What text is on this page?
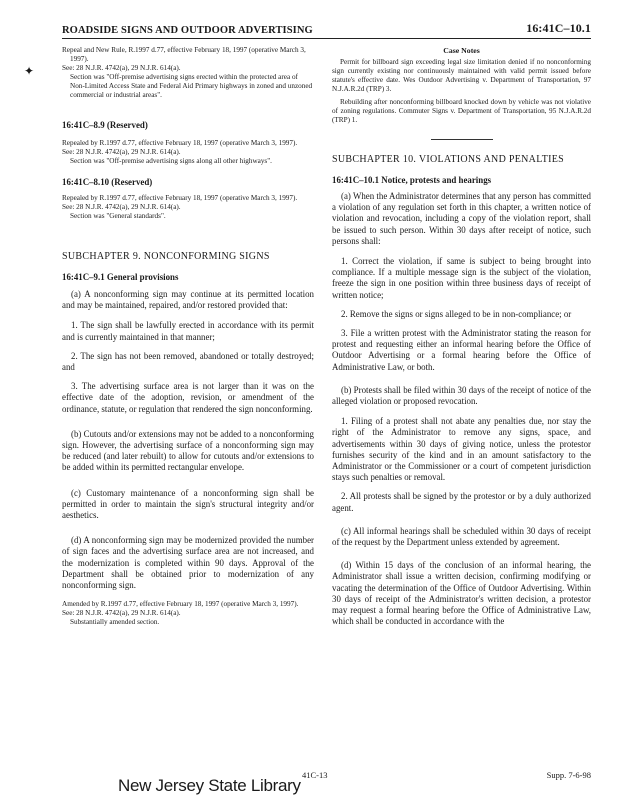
ROADSIDE SIGNS AND OUTDOOR ADVERTISING	16:41C–10.1
✦

Repeal and New Rule, R.1997 d.77, effective February 18, 1997 (operative March 3, 1997).

See: 28 N.J.R. 4742(a), 29 N.J.R. 614(a).

Section was "Off-premise advertising signs erected within the protected area of Non-Limited Access State and Federal Aid Primary highways in zoned and unzoned commercial or industrial areas".

16:41C–8.9 (Reserved)

Repealed by R.1997 d.77, effective February 18, 1997 (operative March 3, 1997).

See: 28 N.J.R. 4742(a), 29 N.J.R. 614(a).

Section was "Off-premise advertising signs along all other highways".

16:41C–8.10 (Reserved)

Repealed by R.1997 d.77, effective February 18, 1997 (operative March 3, 1997).

See: 28 N.J.R. 4742(a), 29 N.J.R. 614(a).

Section was "General standards".

SUBCHAPTER 9. NONCONFORMING SIGNS

16:41C–9.1 General provisions

(a) A nonconforming sign may continue at its permitted location and may be maintained, repaired, and/or restored provided that:

1. The sign shall be lawfully erected in accordance with its permit and is currently maintained in that manner;

2. The sign has not been removed, abandoned or totally destroyed; and

3. The advertising surface area is not larger than it was on the effective date of the adoption, revision, or amendment of the ordinance, statute, or regulation that rendered the sign nonconforming.

(b) Cutouts and/or extensions may not be added to a nonconforming sign. However, the advertising surface of a nonconforming sign may be reduced (and later rebuilt) to allow for cutouts and/or extensions to be added within its permitted rectangular envelope.

(c) Customary maintenance of a nonconforming sign shall be permitted in order to maintain the sign's structural integrity and/or aesthetics.

(d) A nonconforming sign may be modernized provided the number of sign faces and the advertising surface area are not increased, and the modernization is completed within 90 days. Approval of the Department shall be obtained prior to modernization of any nonconforming sign.

Amended by R.1997 d.77, effective February 18, 1997 (operative March 3, 1997).

See: 28 N.J.R. 4742(a), 29 N.J.R. 614(a).

Substantially amended section.

Case Notes

Permit for billboard sign exceeding legal size limitation denied if no nonconforming sign currently existing nor continuously maintained with valid permit issued before statute's effective date. Wes Outdoor Advertising v. Department of Transportation, 97 N.J.A.R.2d (TRP) 3.

Rebuilding after nonconforming billboard knocked down by vehicle was not violative of zoning regulations. Commuter Signs v. Department of Transportation, 95 N.J.A.R.2d (TRP) 1.

SUBCHAPTER 10. VIOLATIONS AND PENALTIES

16:41C–10.1 Notice, protests and hearings

(a) When the Administrator determines that any person has committed a violation of any regulation set forth in this chapter, a written notice of violation and revocation, including a copy of the violation report, shall be issued to such person. Within 30 days after receipt of notice, such persons shall:

1. Correct the violation, if same is subject to being brought into compliance. If a multiple message sign is the subject of the violation, freeze the sign in one position within three business days of receipt of written notice;

2. Remove the signs or signs alleged to be in non-compliance; or

3. File a written protest with the Administrator stating the reason for protest and requesting either an informal hearing before the Office of Outdoor Advertising or a formal hearing before the Office of Administrative Law, or both.

(b) Protests shall be filed within 30 days of the receipt of notice of the alleged violation or proposed revocation.

1. Filing of a protest shall not abate any penalties due, nor stay the right of the Administrator to remove any signs, space, and advertisements within 30 days of giving notice, unless the protestor furnishes security of the kind and in an amount satisfactory to the Administrator or the Commissioner or a court of competent jurisdiction stays such penalties or removal.

2. All protests shall be signed by the protestor or by a duly authorized agent.

(c) All informal hearings shall be scheduled within 30 days of receipt of the request by the Department unless extended by agreement.

(d) Within 15 days of the conclusion of an informal hearing, the Administrator shall issue a written decision, confirming modifying or vacating the determination of the Office of Outdoor Advertising. Within 30 days of receipt of the Administrator's written decision, a protestor may request a formal hearing before the Office of Administrative Law, which shall be conducted in accordance with the

41C-13	Supp. 7-6-98
New Jersey State Library
